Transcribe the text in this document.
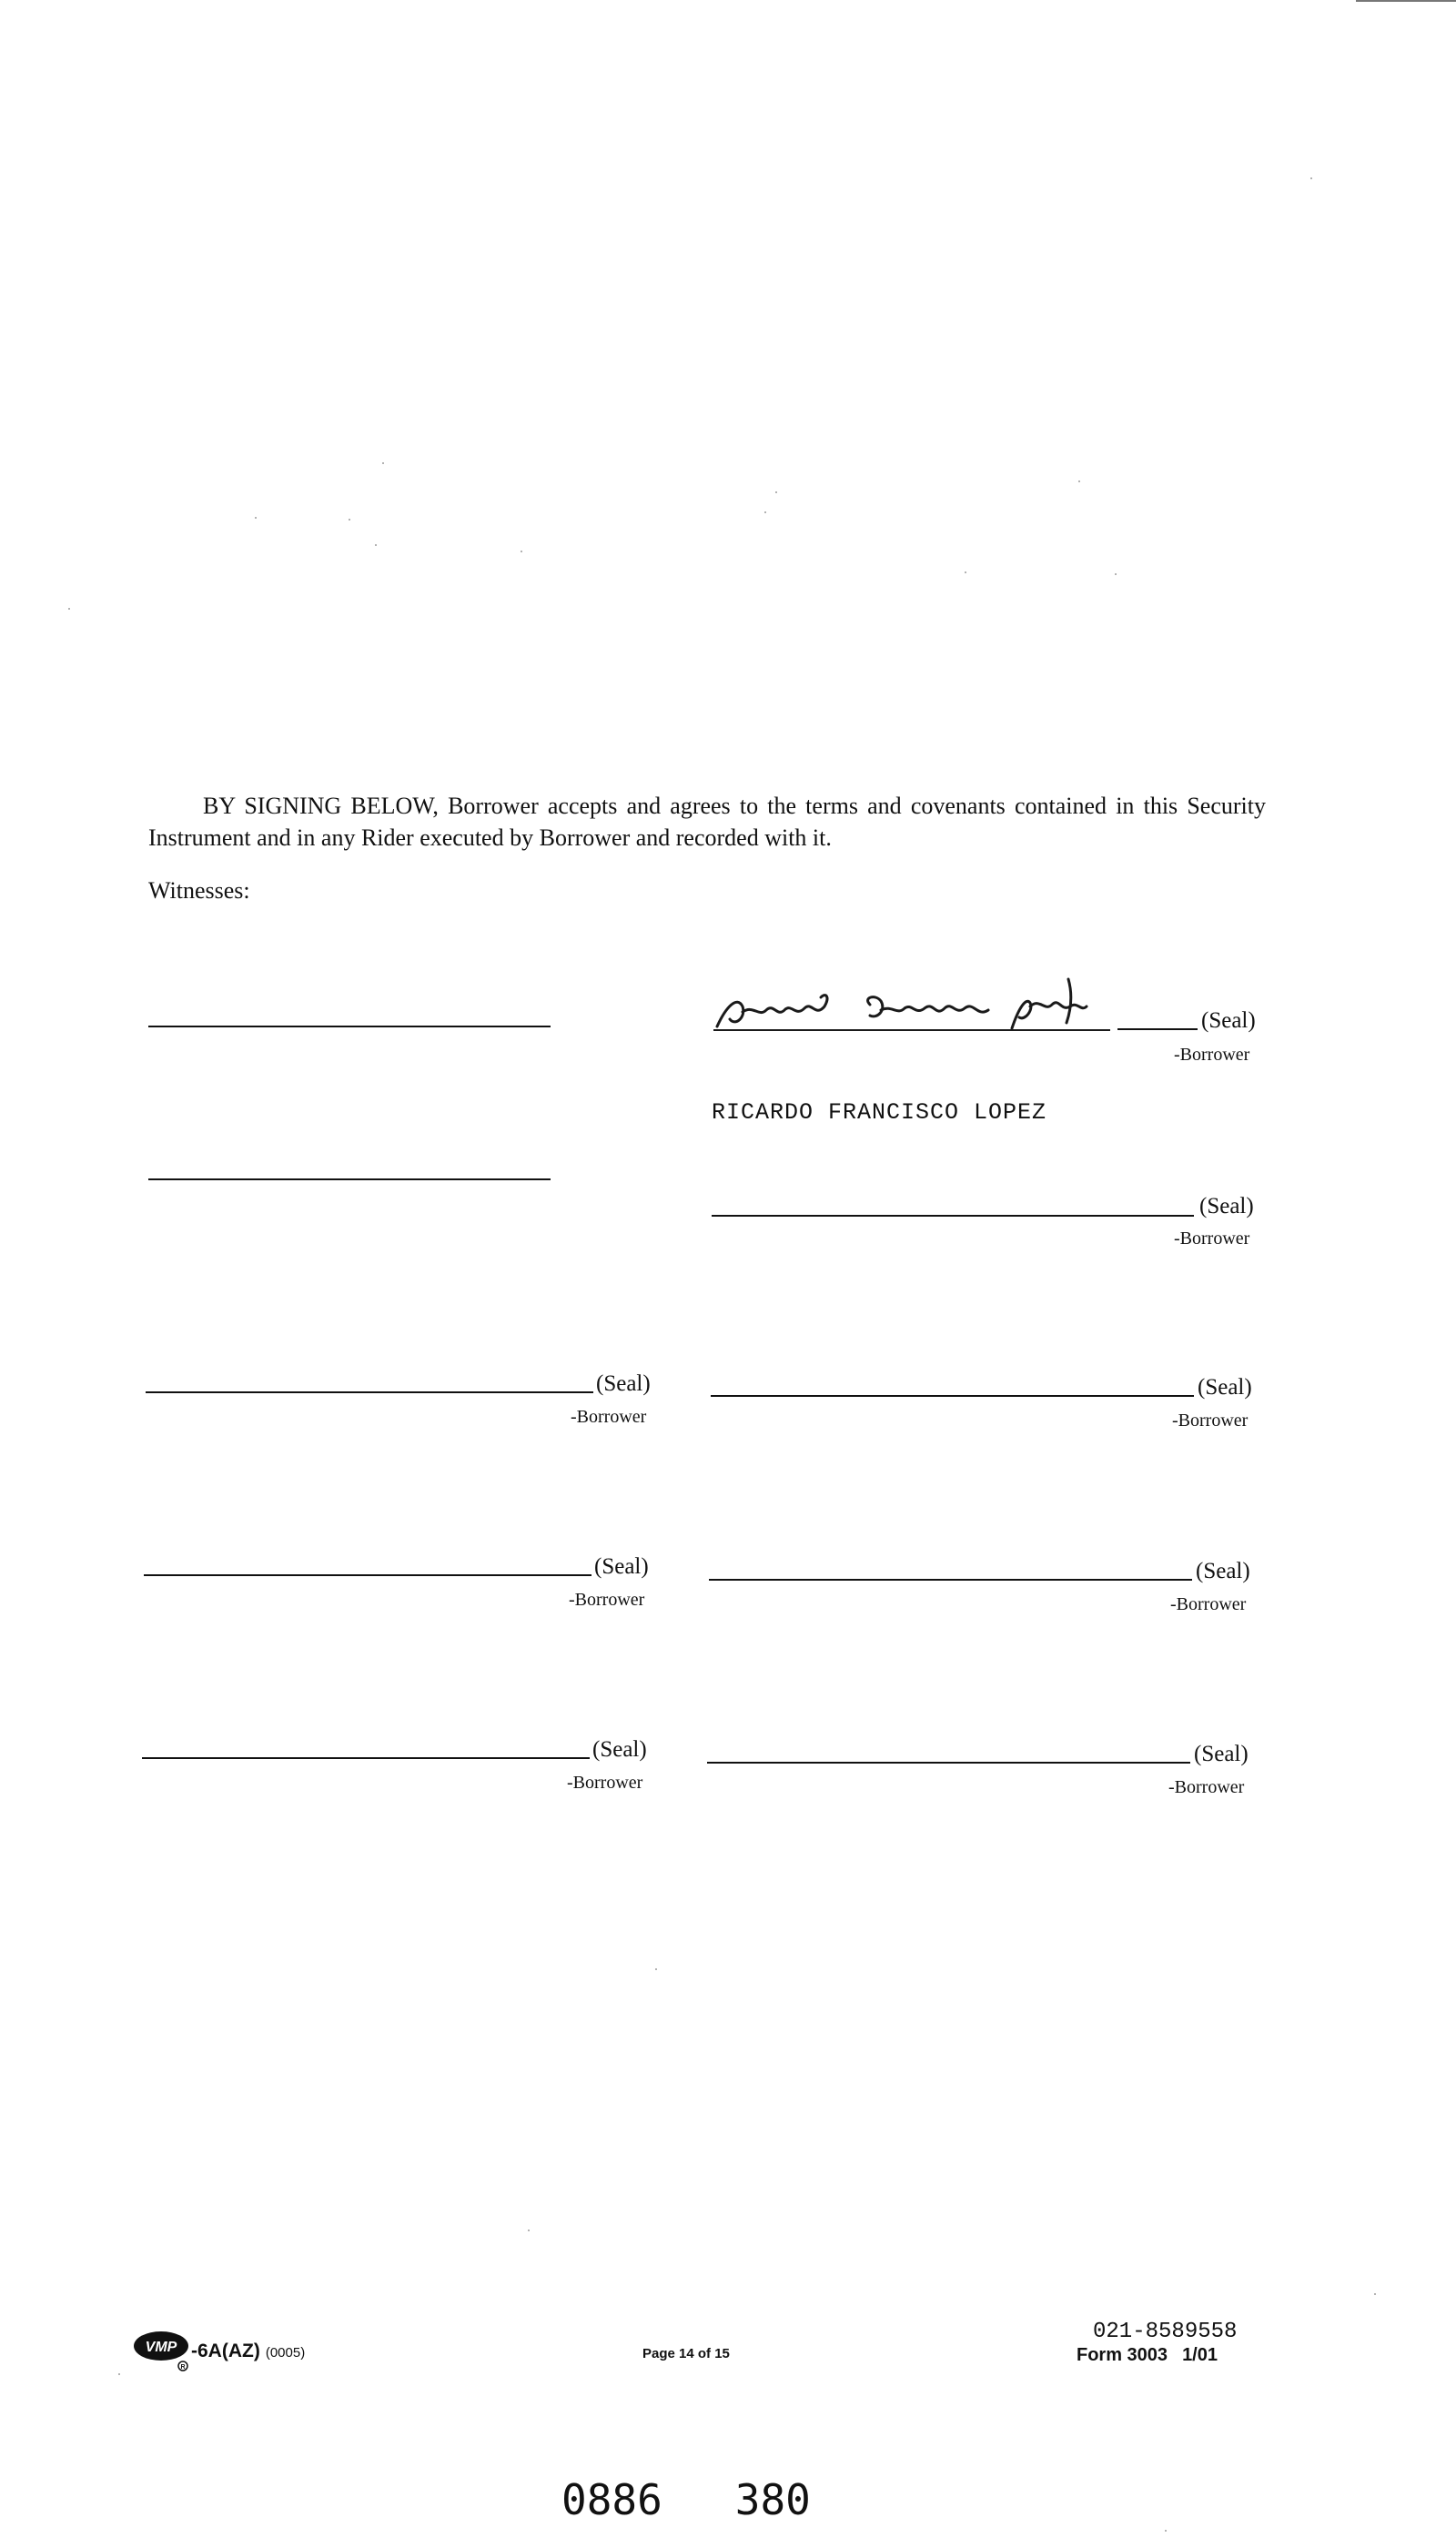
BY SIGNING BELOW, Borrower accepts and agrees to the terms and covenants contained in this Security Instrument and in any Rider executed by Borrower and recorded with it.

Witnesses:
(Seal)
-Borrower
RICARDO FRANCISCO LOPEZ
(Seal)
-Borrower
(Seal)
-Borrower
(Seal)
-Borrower
(Seal)
-Borrower
(Seal)
-Borrower
(Seal)
-Borrower
(Seal)
-Borrower
VMP
R
-6A(AZ) (0005)	Page 14 of 15
021-8589558
Form 3003 1/01
0886 380
